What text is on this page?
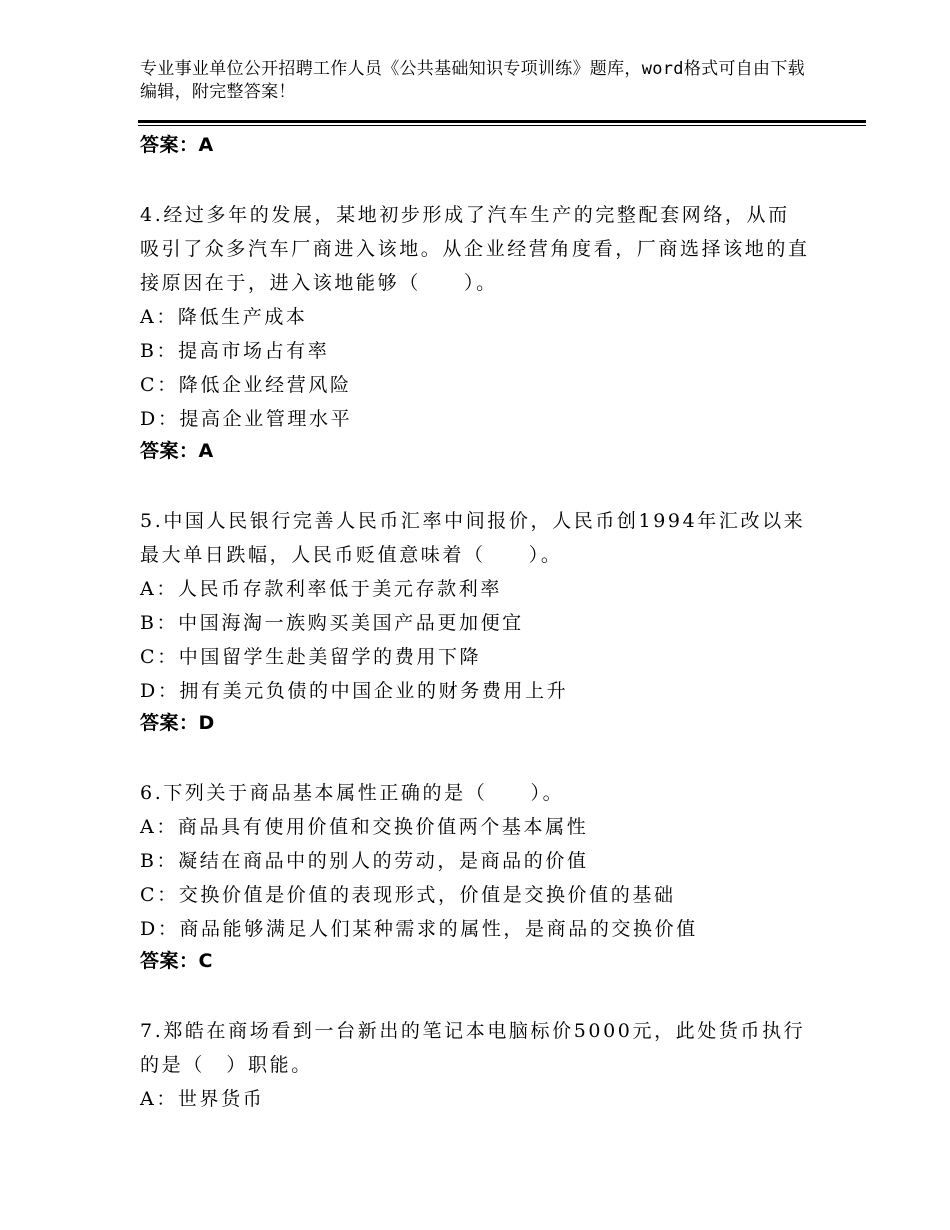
专业事业单位公开招聘工作人员《公共基础知识专项训练》题库，word格式可自由下载编辑，附完整答案！
答案：A
4.经过多年的发展，某地初步形成了汽车生产的完整配套网络，从而吸引了众多汽车厂商进入该地。从企业经营角度看，厂商选择该地的直接原因在于，进入该地能够（　　）。
A：降低生产成本
B：提高市场占有率
C：降低企业经营风险
D：提高企业管理水平
答案：A
5.中国人民银行完善人民币汇率中间报价，人民币创1994年汇改以来最大单日跌幅，人民币贬值意味着（　　）。
A：人民币存款利率低于美元存款利率
B：中国海淘一族购买美国产品更加便宜
C：中国留学生赴美留学的费用下降
D：拥有美元负债的中国企业的财务费用上升
答案：D
6.下列关于商品基本属性正确的是（　　）。
A：商品具有使用价值和交换价值两个基本属性
B：凝结在商品中的别人的劳动，是商品的价值
C：交换价值是价值的表现形式，价值是交换价值的基础
D：商品能够满足人们某种需求的属性，是商品的交换价值
答案：C
7.郑皓在商场看到一台新出的笔记本电脑标价5000元，此处货币执行的是（　）职能。
A：世界货币
